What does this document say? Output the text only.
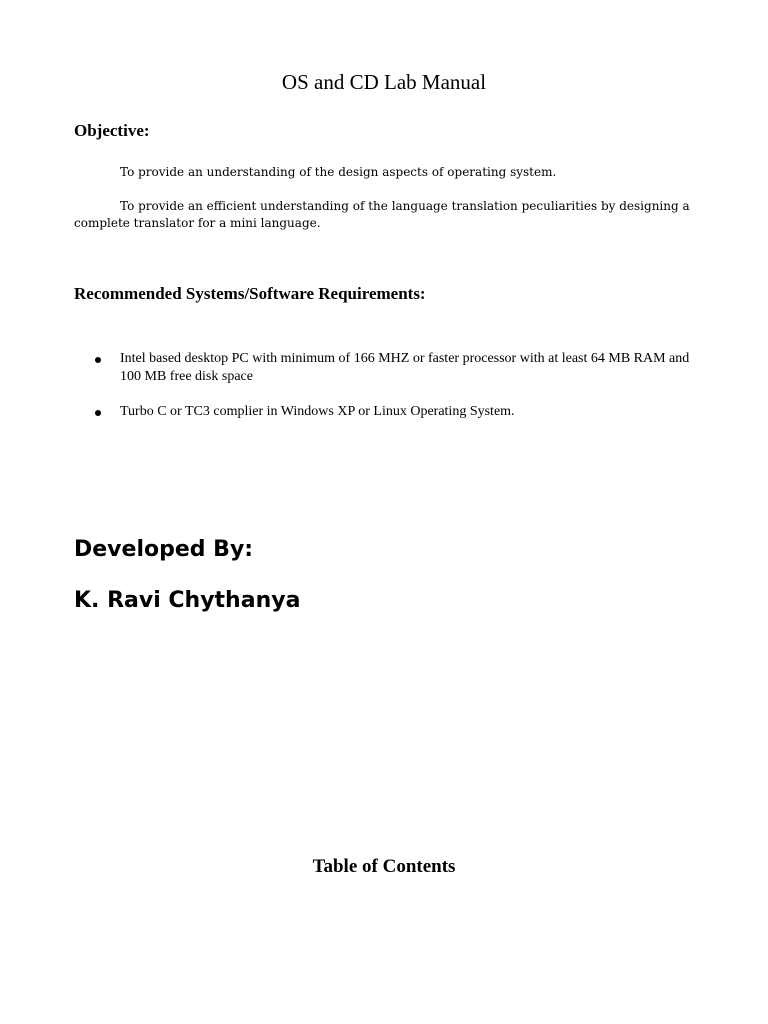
OS and CD Lab Manual
Objective:

To provide an understanding of the design aspects of operating system.

To provide an efficient understanding of the language translation peculiarities by designing a complete translator for a mini language.

Recommended Systems/Software Requirements:
Intel based desktop PC with minimum of 166 MHZ or faster processor with at least 64 MB RAM and 100 MB free disk space
Turbo C or TC3 complier in Windows XP or Linux Operating System.
Developed By:
K. Ravi Chythanya
Table of Contents
